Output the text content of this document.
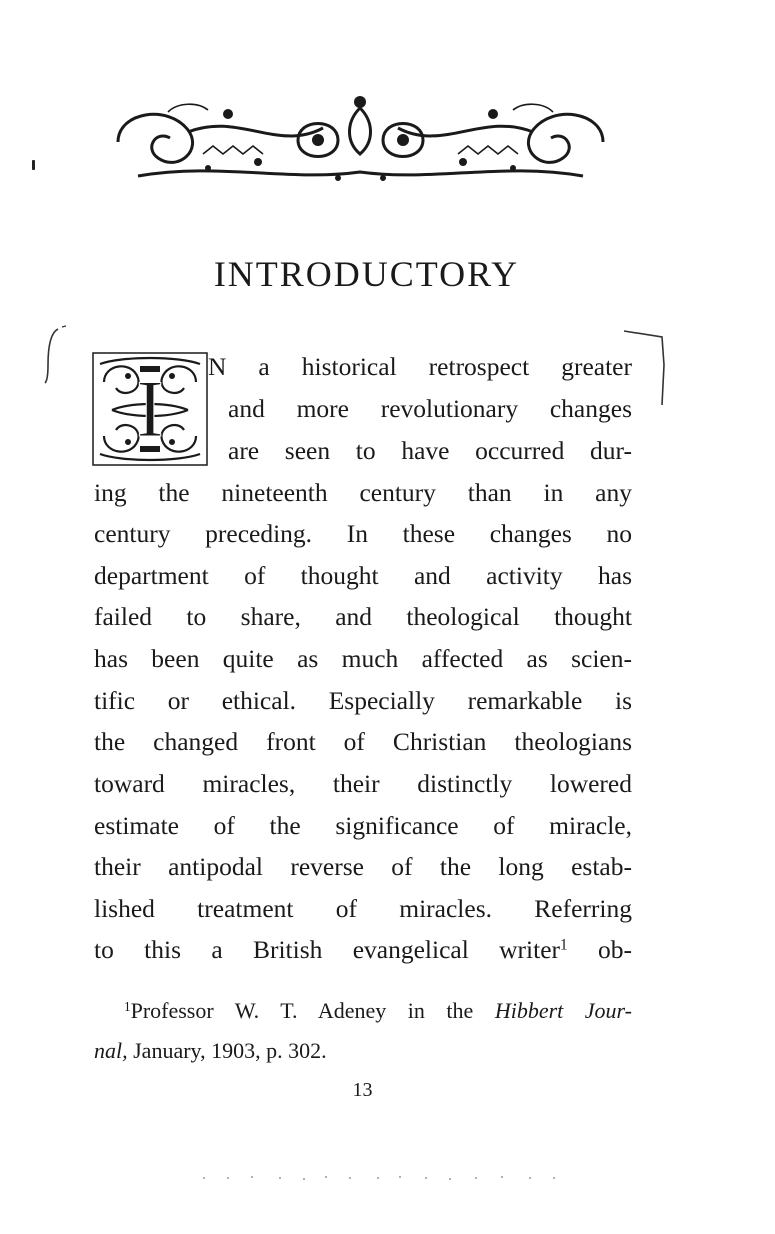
INTRODUCTORY
I N a historical retrospect greater

and more revolutionary changes

are seen to have occurred dur-

ing the nineteenth century than in any

century preceding. In these changes no

department of thought and activity has

failed to share, and theological thought

has been quite as much affected as scien-

tific or ethical. Especially remarkable is

the changed front of Christian theologians

toward miracles, their distinctly lowered

estimate of the significance of miracle,

their antipodal reverse of the long estab-

lished treatment of miracles. Referring

to this a British evangelical writer$^1$ ob-

$^1$Professor W. T. Adeney in the Hibbert Jour-

nal, January, 1903, p. 302.

13
